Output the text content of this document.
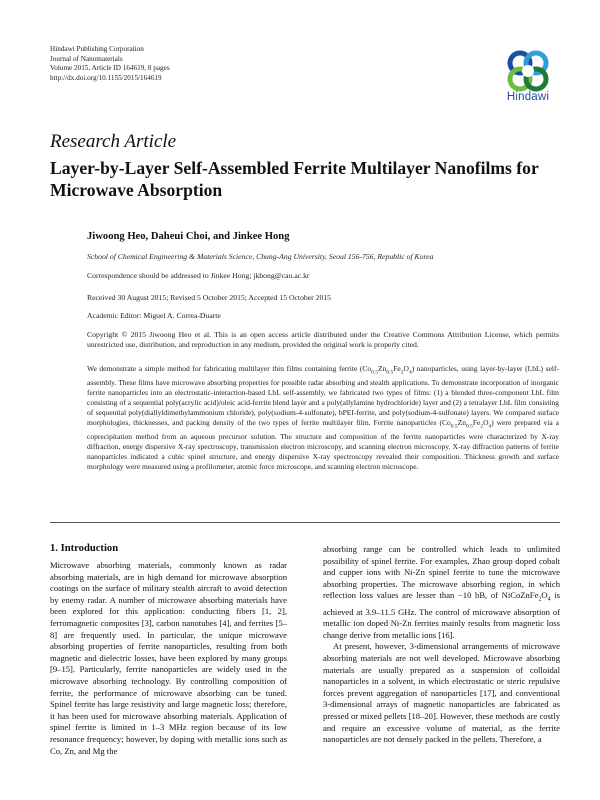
Hindawi Publishing Corporation
Journal of Nanomaterials
Volume 2015, Article ID 164619, 8 pages
http://dx.doi.org/10.1155/2015/164619
Hindawi
Research Article
Layer-by-Layer Self-Assembled Ferrite Multilayer Nanofilms for
Microwave Absorption
Jiwoong Heo, Daheui Choi, and Jinkee Hong
School of Chemical Engineering & Materials Science, Chung-Ang University, Seoul 156-756, Republic of Korea
Correspondence should be addressed to Jinkee Hong; jkhong@cau.ac.kr
Received 30 August 2015; Revised 5 October 2015; Accepted 15 October 2015
Academic Editor: Miguel A. Correa-Duarte
Copyright © 2015 Jiwoong Heo et al. This is an open access article distributed under the Creative Commons Attribution License, which permits unrestricted use, distribution, and reproduction in any medium, provided the original work is properly cited.
We demonstrate a simple method for fabricating multilayer thin films containing ferrite $(Co_{0.5}Zn_{0.5}Fe_2O_4)$ nanoparticles, using layer-by-layer (LbL) self-assembly. These films have microwave absorbing properties for possible radar absorbing and stealth applications. To demonstrate incorporation of inorganic ferrite nanoparticles into an electrostatic-interaction-based LbL self-assembly, we fabricated two types of films: (1) a blended three-component LbL film consisting of a sequential poly(acrylic acid)/oleic acid-ferrite blend layer and a poly(allylamine hydrochloride) layer and (2) a tetralayer LbL film consisting of sequential poly(diallyldimethylammonium chloride), poly(sodium-4-sulfonate), bPEI-ferrite, and poly(sodium-4-sulfonate) layers. We compared surface morphologies, thicknesses, and packing density of the two types of ferrite multilayer film. Ferrite nanoparticles $(Co_{0.5}Zn_{0.5}Fe_2O_4)$ were prepared via a coprecipitation method from an aqueous precursor solution. The structure and composition of the ferrite nanoparticles were characterized by X-ray diffraction, energy dispersive X-ray spectroscopy, transmission electron microscopy, and scanning electron microscopy. X-ray diffraction patterns of ferrite nanoparticles indicated a cubic spinel structure, and energy dispersive X-ray spectroscopy revealed their composition. Thickness growth and surface morphology were measured using a profilometer, atomic force microscope, and scanning electron microscope.
1. Introduction

Microwave absorbing materials, commonly known as radar absorbing materials, are in high demand for microwave absorption coatings on the surface of military stealth aircraft to avoid detection by enemy radar. A number of microwave absorbing materials have been explored for this application: conducting fibers [1, 2], ferromagnetic composites [3], carbon nanotubes [4], and ferrites [5–8] are frequently used. In particular, the unique microwave absorbing properties of ferrite nanoparticles, resulting from both magnetic and dielectric losses, have been explored by many groups [9–15]. Particularly, ferrite nanoparticles are widely used in the microwave absorbing technology. By controlling composition of ferrite, the performance of microwave absorbing can be tuned. Spinel ferrite has large resistivity and large magnetic loss; therefore, it has been used for microwave absorbing materials. Application of spinel ferrite is limited in 1–3 MHz region because of its low resonance frequency; however, by doping with metallic ions such as Co, Zn, and Mg the

absorbing range can be controlled which leads to unlimited possibility of spinel ferrite. For examples, Zhao group doped cobalt and cupper ions with Ni-Zn spinel ferrite to tune the microwave absorbing properties. The microwave absorbing region, in which reflection loss values are lesser than −10 bB, of $NiCoZnFe_2O_4$ is achieved at 3.9–11.5 GHz. The control of microwave absorption of metallic ion doped Ni-Zn ferrites mainly results from magnetic loss change derive from metallic ions [16].

At present, however, 3-dimensional arrangements of microwave absorbing materials are not well developed. Microwave absorbing materials are usually prepared as a suspension of colloidal nanoparticles in a solvent, in which electrostatic or steric repulsive forces prevent aggregation of nanoparticles [17], and conventional 3-dimensional arrays of magnetic nanoparticles are fabricated as pressed or mixed pellets [18–20]. However, these methods are costly and require an excessive volume of material, as the ferrite nanoparticles are not densely packed in the pellets. Therefore, a
